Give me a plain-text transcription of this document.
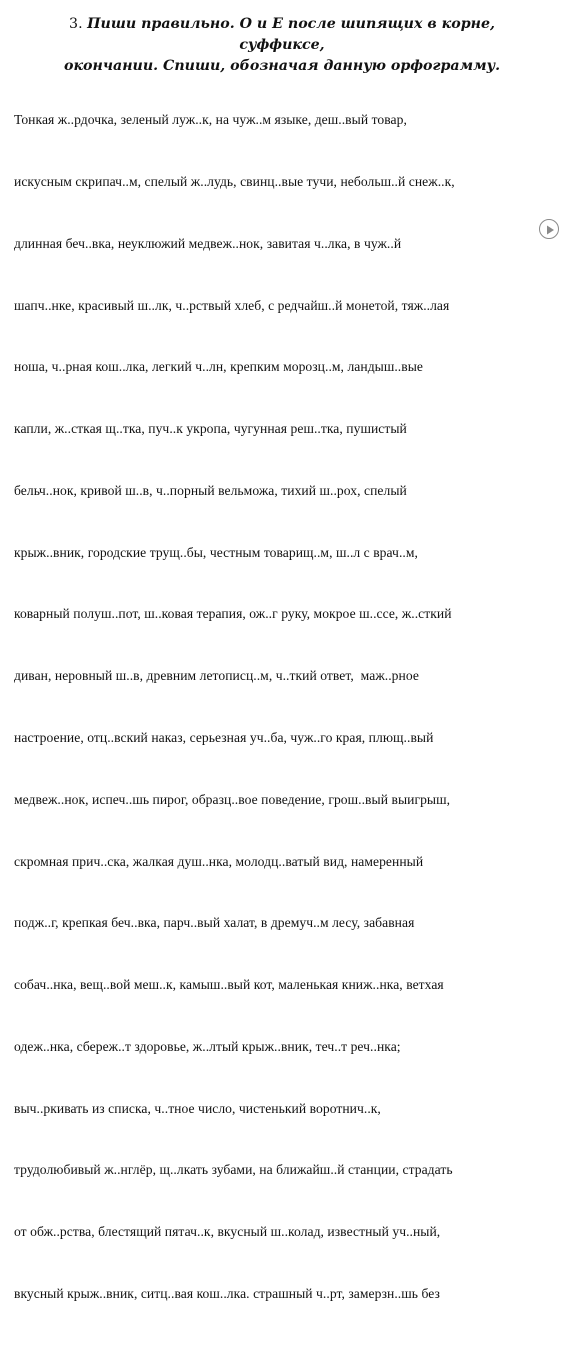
3. Пиши правильно. О и Е после шипящих в корне, суффиксе,
окончании. Спиши, обозначая данную орфограмму.

Тонкая ж..рдочка, зеленый луж..к, на чуж..м языке, деш..вый товар,

искусным скрипач..м, спелый ж..лудь, свинц..вые тучи, небольш..й снеж..к,

длинная беч..вка, неуклюжий медвеж..нок, завитая ч..лка, в чуж..й

шапч..нке, красивый ш..лк, ч..рствый хлеб, с редчайш..й монетой, тяж..лая

ноша, ч..рная кош..лка, легкий ч..лн, крепким морозц..м, ландыш..вые

капли, ж..сткая щ..тка, пуч..к укропа, чугунная реш..тка, пушистый

бельч..нок, кривой ш..в, ч..порный вельможа, тихий ш..рох, спелый

крыж..вник, городские трущ..бы, честным товарищ..м, ш..л с врач..м,

коварный полуш..пот, ш..ковая терапия, ож..г руку, мокрое ш..ссе, ж..сткий

диван, неровный ш..в, древним летописц..м, ч..ткий ответ,  маж..рное

настроение, отц..вский наказ, серьезная уч..ба, чуж..го края, плющ..вый

медвеж..нок, испеч..шь пирог, образц..вое поведение, грош..вый выигрыш,

скромная прич..ска, жалкая душ..нка, молодц..ватый вид, намеренный

подж..г, крепкая беч..вка, парч..вый халат, в дремуч..м лесу, забавная

собач..нка, вещ..вой меш..к, камыш..вый кот, маленькая книж..нка, ветхая

одеж..нка, сбереж..т здоровье, ж..лтый крыж..вник, теч..т реч..нка;

выч..ркивать из списка, ч..тное число, чистенький воротнич..к,

трудолюбивый ж..нглёр, щ..лкать зубами, на ближайш..й станции, страдать

от обж..рства, блестящий пятач..к, вкусный ш..колад, известный уч..ный,

вкусный крыж..вник, ситц..вая кош..лка. страшный ч..рт, замерзн..шь без
